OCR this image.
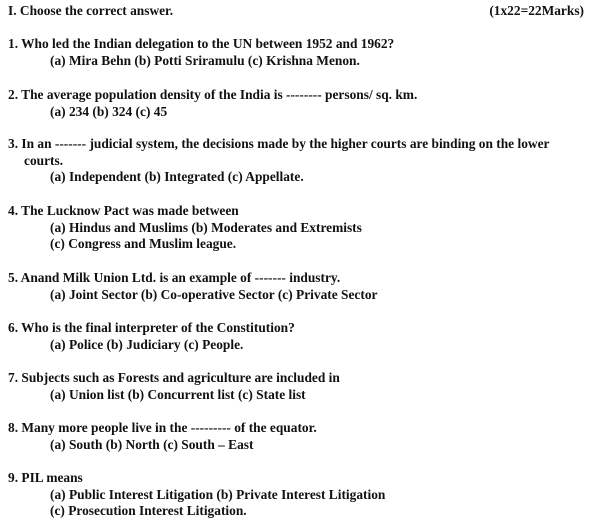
I. Choose the correct answer.	(1x22=22Marks)
1. Who led the Indian delegation to the UN between 1952 and 1962?
(a) Mira Behn (b) Potti Sriramulu (c) Krishna Menon.
2. The average population density of the India is -------- persons/ sq. km.
(a) 234 (b) 324 (c) 45
3. In an ------- judicial system, the decisions made by the higher courts are binding on the lower courts.
(a) Independent (b) Integrated (c) Appellate.
4. The Lucknow Pact was made between
(a) Hindus and Muslims (b) Moderates and Extremists
(c) Congress and Muslim league.
5. Anand Milk Union Ltd. is an example of ------- industry.
(a) Joint Sector (b) Co-operative Sector (c) Private Sector
6. Who is the final interpreter of the Constitution?
(a) Police (b) Judiciary (c) People.
7. Subjects such as Forests and agriculture are included in
(a) Union list (b) Concurrent list (c) State list
8. Many more people live in the --------- of the equator.
(a) South (b) North (c) South – East
9. PIL means
(a) Public Interest Litigation (b) Private Interest Litigation
(c) Prosecution Interest Litigation.
